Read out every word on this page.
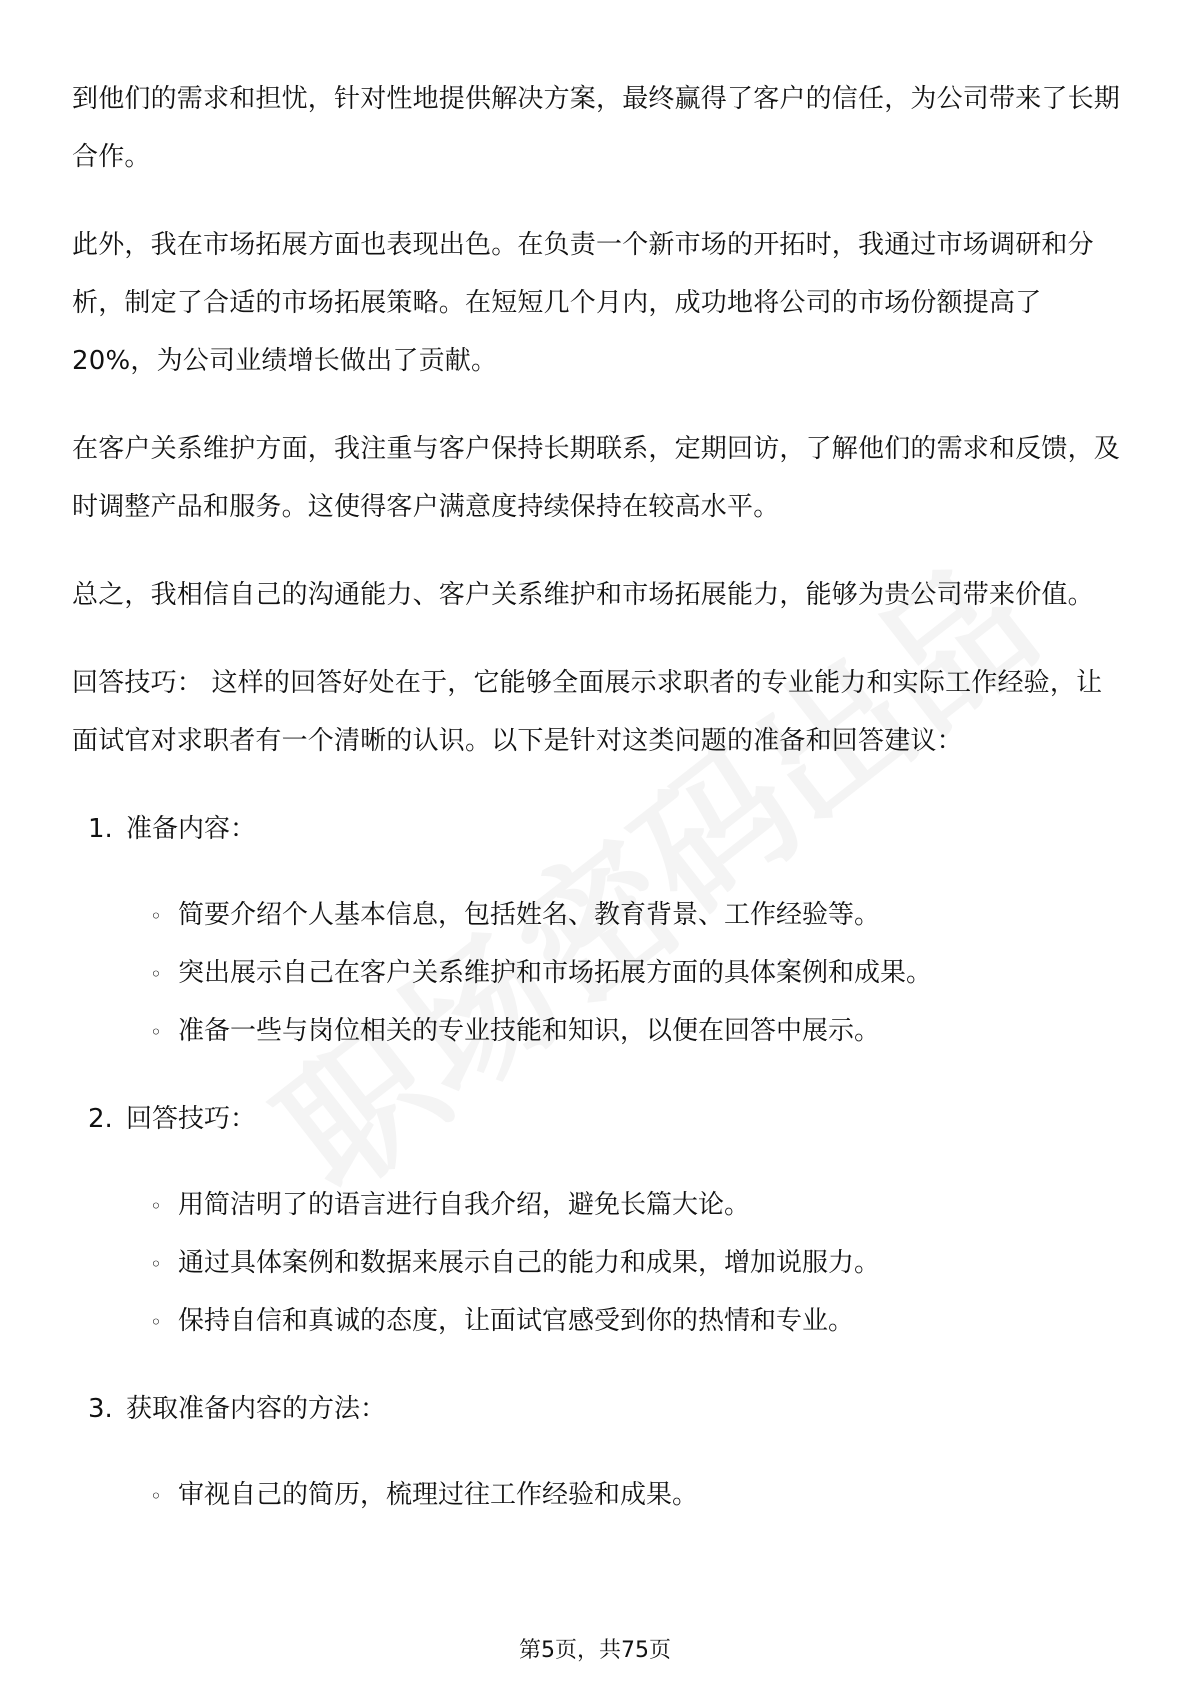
到他们的需求和担忧，针对性地提供解决方案，最终赢得了客户的信任，为公司带来了长期合作。

此外，我在市场拓展方面也表现出色。在负责一个新市场的开拓时，我通过市场调研和分析，制定了合适的市场拓展策略。在短短几个月内，成功地将公司的市场份额提高了20%，为公司业绩增长做出了贡献。

在客户关系维护方面，我注重与客户保持长期联系，定期回访，了解他们的需求和反馈，及时调整产品和服务。这使得客户满意度持续保持在较高水平。

总之，我相信自己的沟通能力、客户关系维护和市场拓展能力，能够为贵公司带来价值。

回答技巧： 这样的回答好处在于，它能够全面展示求职者的专业能力和实际工作经验，让面试官对求职者有一个清晰的认识。以下是针对这类问题的准备和回答建议：

1. 准备内容：
◦ 简要介绍个人基本信息，包括姓名、教育背景、工作经验等。
◦ 突出展示自己在客户关系维护和市场拓展方面的具体案例和成果。
◦ 准备一些与岗位相关的专业技能和知识，以便在回答中展示。
2. 回答技巧：
◦ 用简洁明了的语言进行自我介绍，避免长篇大论。
◦ 通过具体案例和数据来展示自己的能力和成果，增加说服力。
◦ 保持自信和真诚的态度，让面试官感受到你的热情和专业。
3. 获取准备内容的方法：
◦ 审视自己的简历，梳理过往工作经验和成果。
第5页，共75页
